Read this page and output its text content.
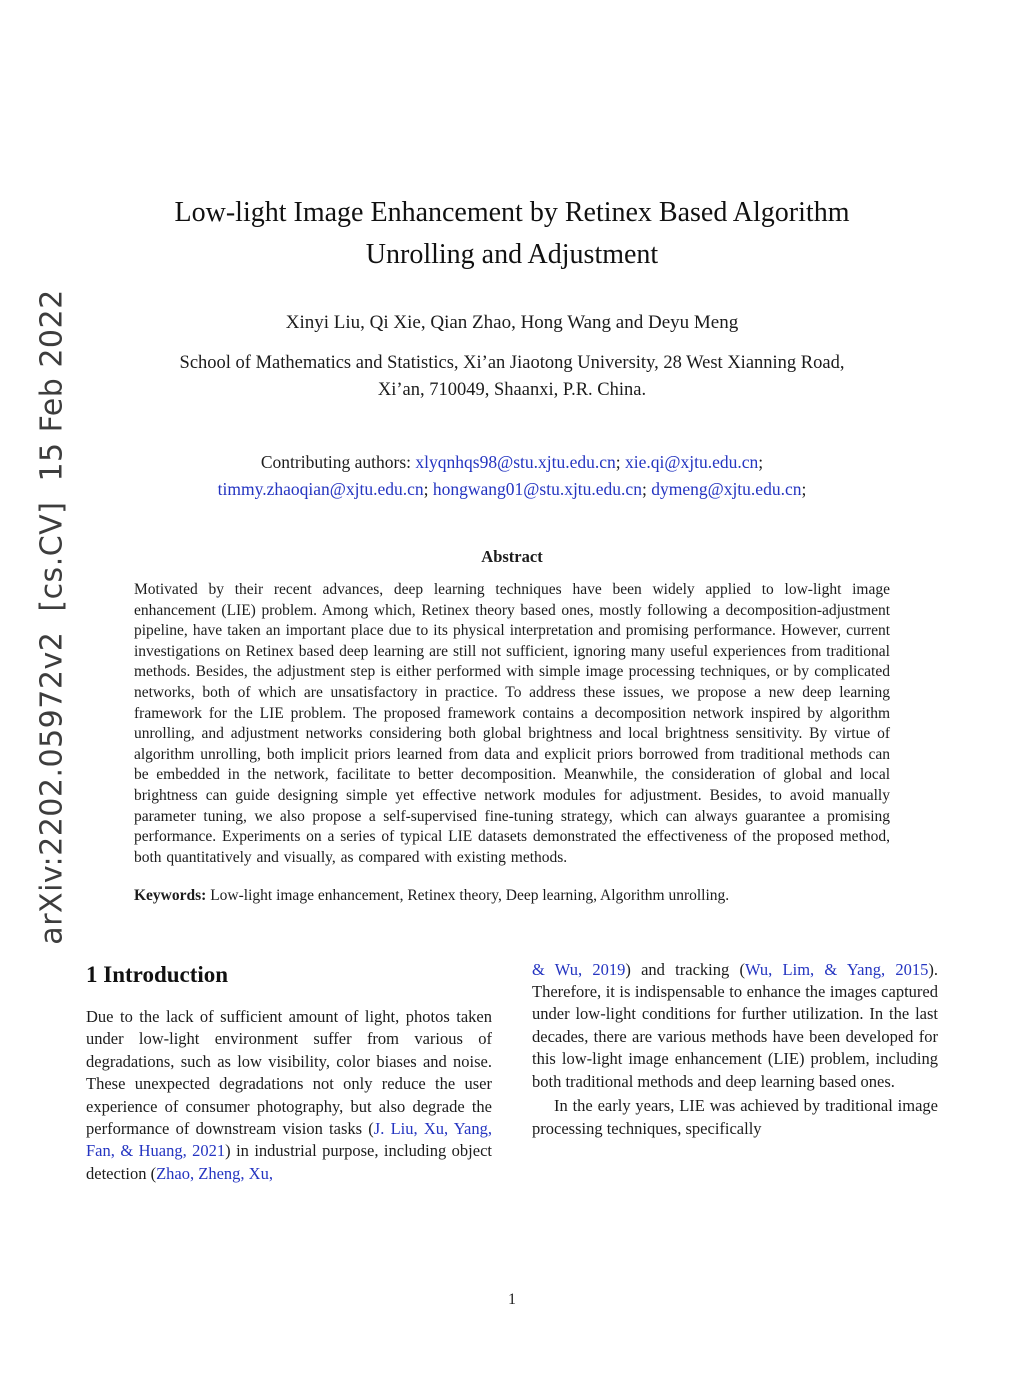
arXiv:2202.05972v2  [cs.CV]  15 Feb 2022
Low-light Image Enhancement by Retinex Based Algorithm
Unrolling and Adjustment
Xinyi Liu, Qi Xie, Qian Zhao, Hong Wang and Deyu Meng
School of Mathematics and Statistics, Xi’an Jiaotong University, 28 West Xianning Road,
Xi’an, 710049, Shaanxi, P.R. China.
Contributing authors: xlyqnhqs98@stu.xjtu.edu.cn; xie.qi@xjtu.edu.cn;
timmy.zhaoqian@xjtu.edu.cn; hongwang01@stu.xjtu.edu.cn; dymeng@xjtu.edu.cn;
Abstract

Motivated by their recent advances, deep learning techniques have been widely applied to low-light image enhancement (LIE) problem. Among which, Retinex theory based ones, mostly following a decomposition-adjustment pipeline, have taken an important place due to its physical interpretation and promising performance. However, current investigations on Retinex based deep learning are still not sufficient, ignoring many useful experiences from traditional methods. Besides, the adjustment step is either performed with simple image processing techniques, or by complicated networks, both of which are unsatisfactory in practice. To address these issues, we propose a new deep learning framework for the LIE problem. The proposed framework contains a decomposition network inspired by algorithm unrolling, and adjustment networks considering both global brightness and local brightness sensitivity. By virtue of algorithm unrolling, both implicit priors learned from data and explicit priors borrowed from traditional methods can be embedded in the network, facilitate to better decomposition. Meanwhile, the consideration of global and local brightness can guide designing simple yet effective network modules for adjustment. Besides, to avoid manually parameter tuning, we also propose a self-supervised fine-tuning strategy, which can always guarantee a promising performance. Experiments on a series of typical LIE datasets demonstrated the effectiveness of the proposed method, both quantitatively and visually, as compared with existing methods.

Keywords: Low-light image enhancement, Retinex theory, Deep learning, Algorithm unrolling.

1 Introduction

Due to the lack of sufficient amount of light, photos taken under low-light environment suffer from various of degradations, such as low visibility, color biases and noise. These unexpected degradations not only reduce the user experience of consumer photography, but also degrade the performance of downstream vision tasks (J. Liu, Xu, Yang, Fan, & Huang, 2021) in industrial purpose, including object detection (Zhao, Zheng, Xu,

& Wu, 2019) and tracking (Wu, Lim, & Yang, 2015). Therefore, it is indispensable to enhance the images captured under low-light conditions for further utilization. In the last decades, there are various methods have been developed for this low-light image enhancement (LIE) problem, including both traditional methods and deep learning based ones.

In the early years, LIE was achieved by traditional image processing techniques, specifically

1
